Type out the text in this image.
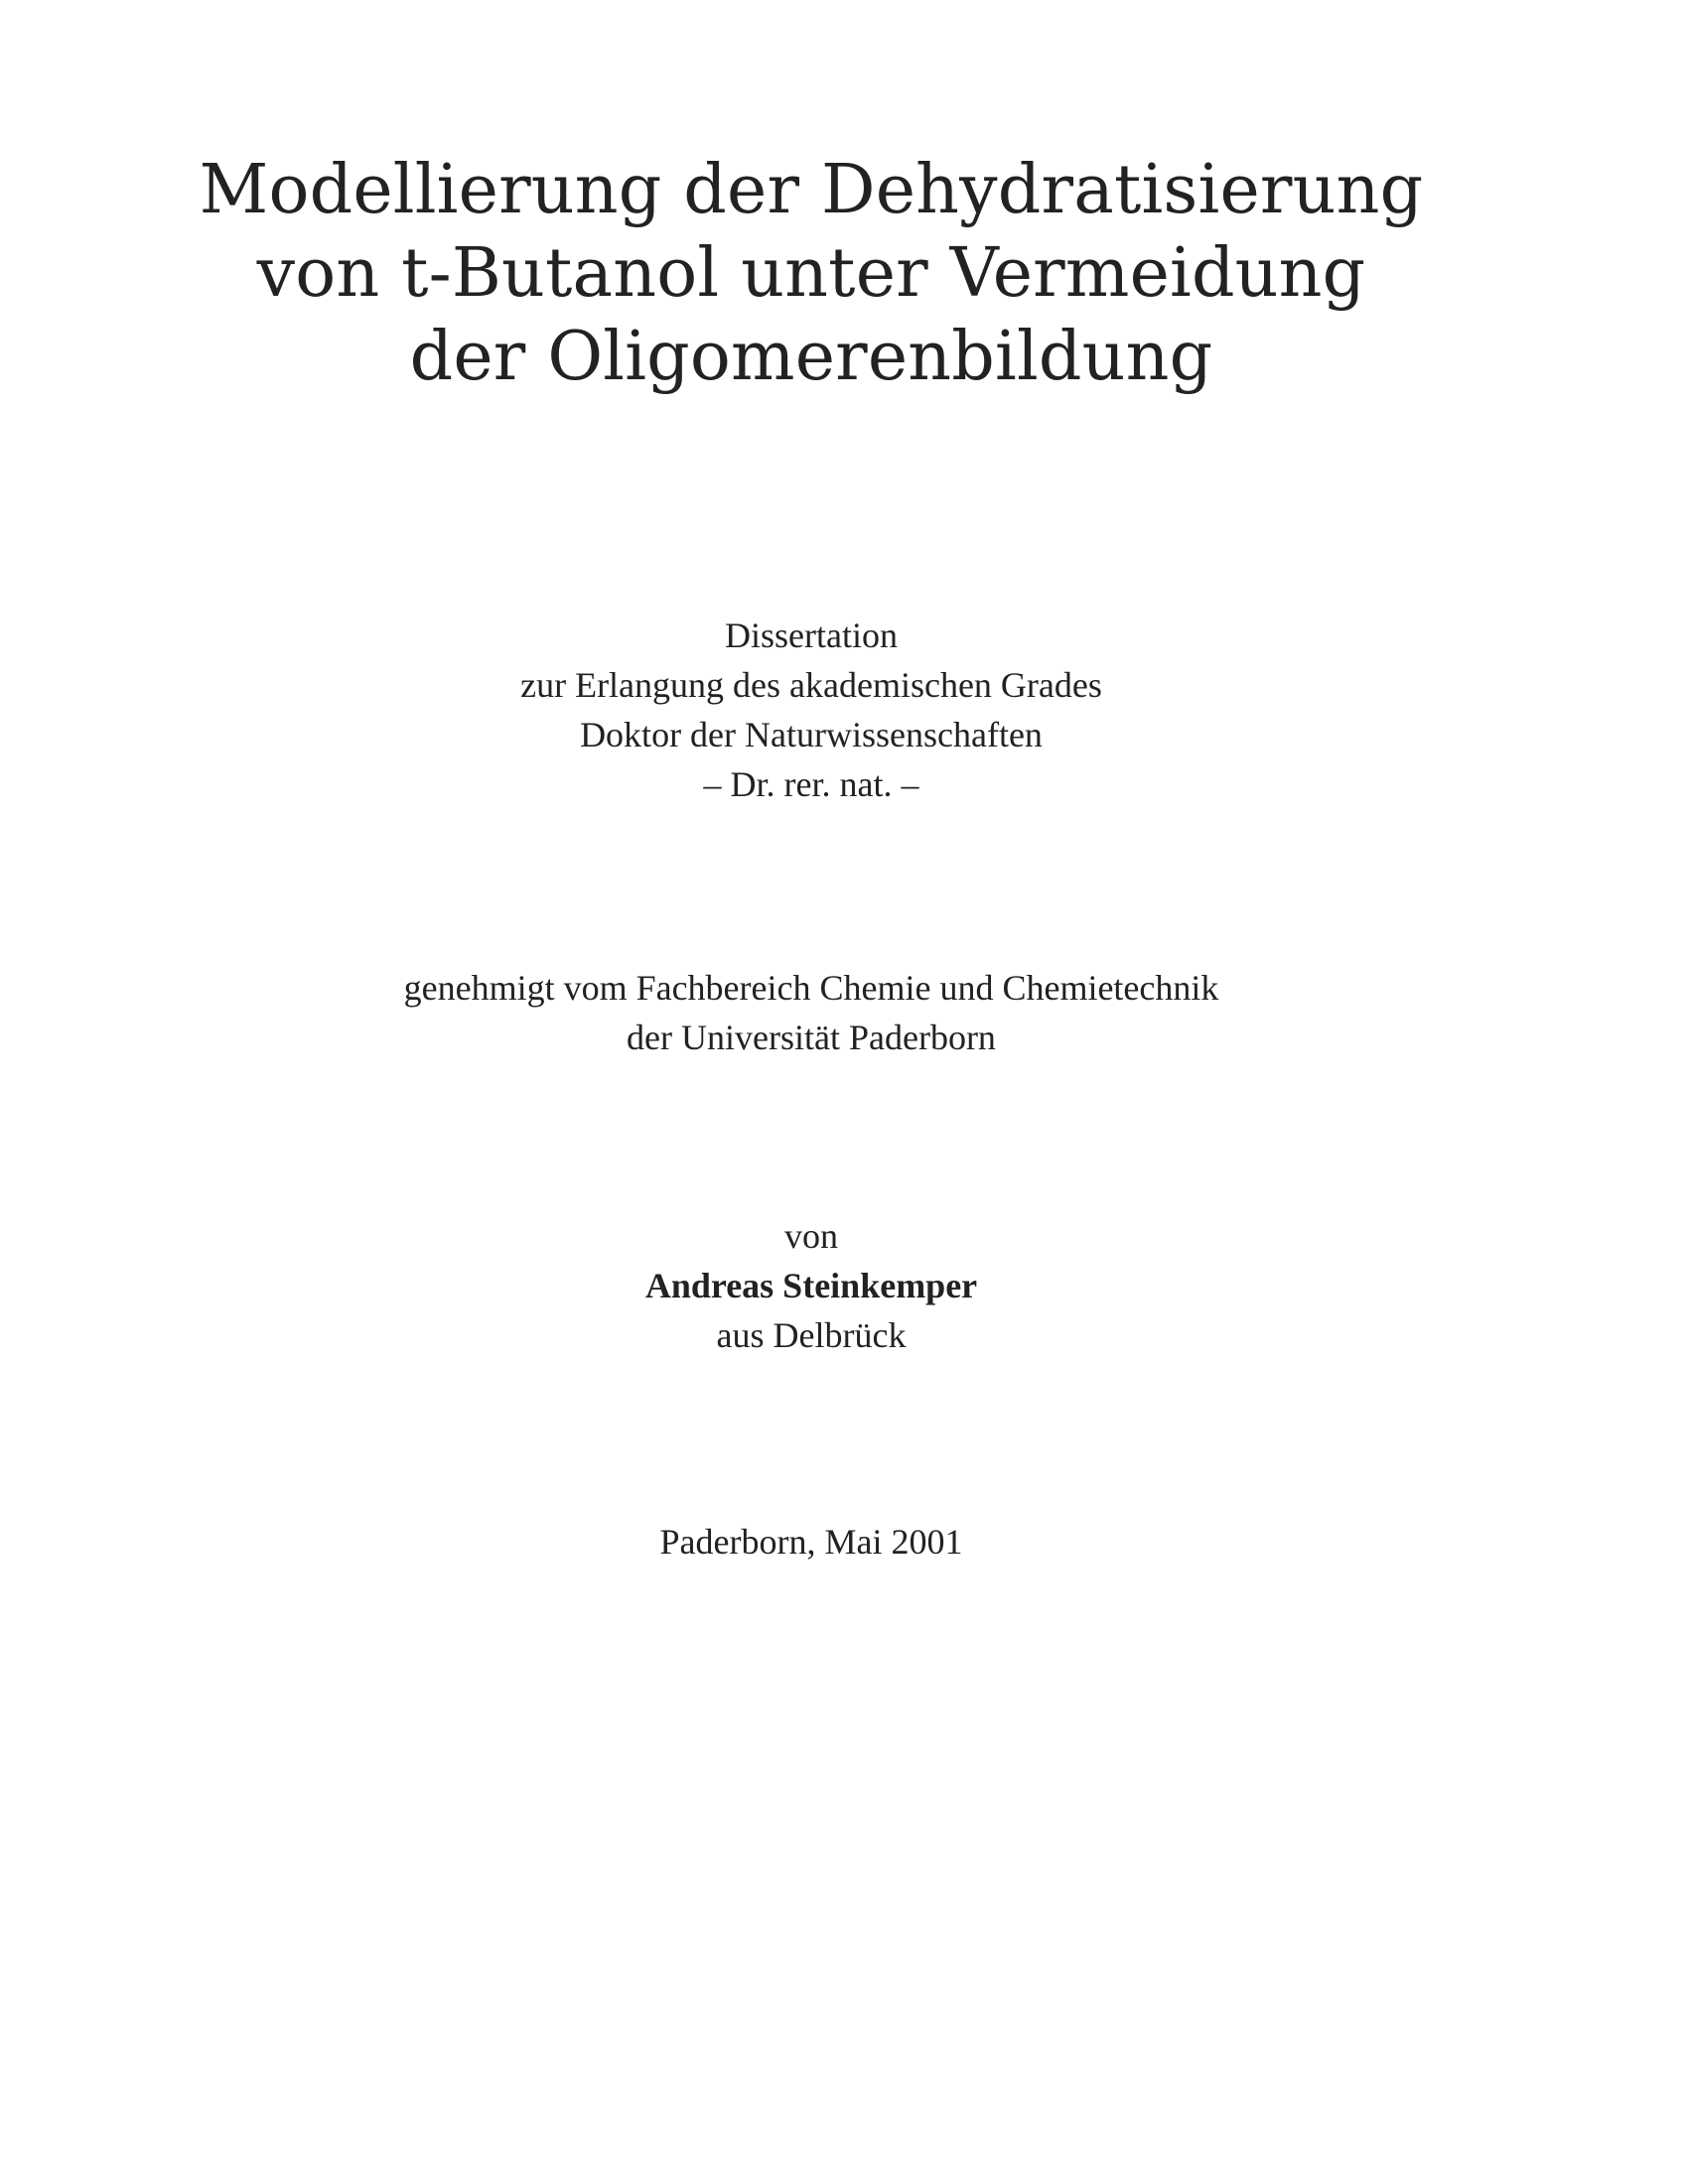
Modellierung der Dehydratisierung
von t-Butanol unter Vermeidung
der Oligomerenbildung
Dissertation
zur Erlangung des akademischen Grades
Doktor der Naturwissenschaften
– Dr. rer. nat. –
genehmigt vom Fachbereich Chemie und Chemietechnik
der Universität Paderborn
von
Andreas Steinkemper
aus Delbrück
Paderborn, Mai 2001
